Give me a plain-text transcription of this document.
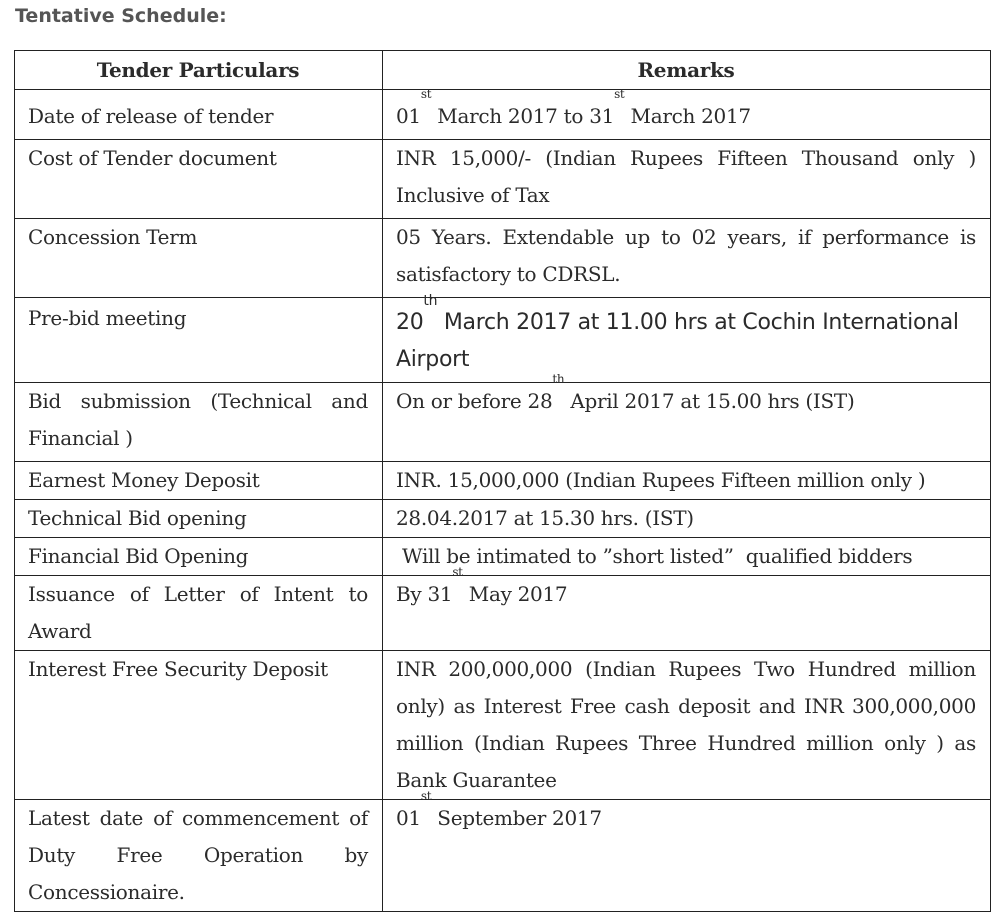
Tentative Schedule:
Tender Particulars	Remarks
Date of release of tender	01st March 2017 to 31st March 2017
Cost of Tender document	INR 15,000/- (Indian Rupees Fifteen Thousand only ) Inclusive of Tax
Concession Term	05 Years. Extendable up to 02 years, if performance is satisfactory to CDRSL.
Pre-bid meeting	20th March 2017 at 11.00 hrs at Cochin International Airport
Bid submission (Technical and Financial )	On or before 28th April 2017 at 15.00 hrs (IST)
Earnest Money Deposit	INR. 15,000,000 (Indian Rupees Fifteen million only )
Technical Bid opening	28.04.2017 at 15.30 hrs. (IST)
Financial Bid Opening	Will be intimated to ”short listed”  qualified bidders
Issuance of Letter of Intent to Award	By 31st May 2017
Interest Free Security Deposit	INR 200,000,000 (Indian Rupees Two Hundred million only) as Interest Free cash deposit and INR 300,000,000 million (Indian Rupees Three Hundred million only ) as Bank Guarantee
Latest date of commencement of Duty Free Operation by Concessionaire.	01st September 2017
